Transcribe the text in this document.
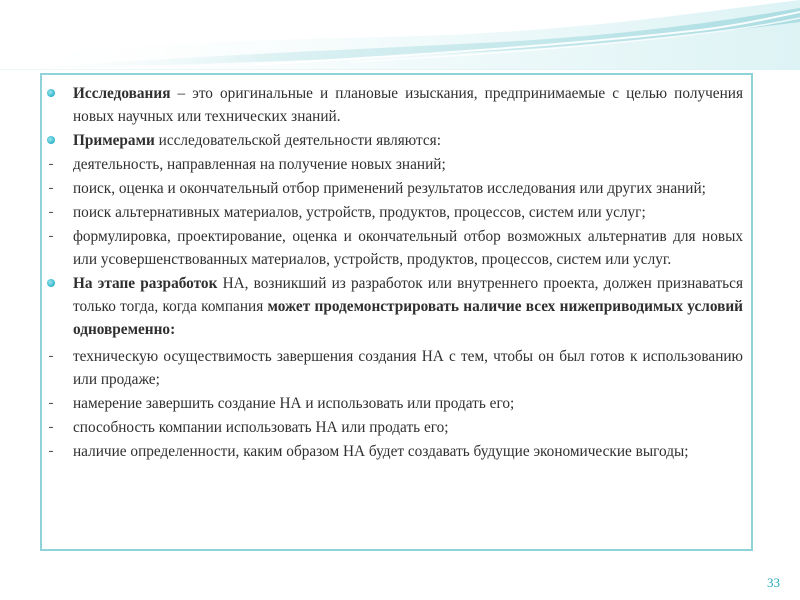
Исследования – это оригинальные и плановые изыскания, предпринимаемые с целью получения новых научных или технических знаний.
Примерами исследовательской деятельности являются:
- деятельность, направленная на получение новых знаний;
- поиск, оценка и окончательный отбор применений результатов исследования или других знаний;
- поиск альтернативных материалов, устройств, продуктов, процессов, систем или услуг;
- формулировка, проектирование, оценка и окончательный отбор возможных альтернатив для новых или усовершенствованных материалов, устройств, продуктов, процессов, систем или услуг.
На этапе разработок НА, возникший из разработок или внутреннего проекта, должен признаваться только тогда, когда компания может продемонстрировать наличие всех нижеприводимых условий одновременно:
- техническую осуществимость завершения создания НА с тем, чтобы он был готов к использованию или продаже;
- намерение завершить создание НА и использовать или продать его;
- способность компании использовать НА или продать его;
- наличие определенности, каким образом НА будет создавать будущие экономические выгоды;
33
